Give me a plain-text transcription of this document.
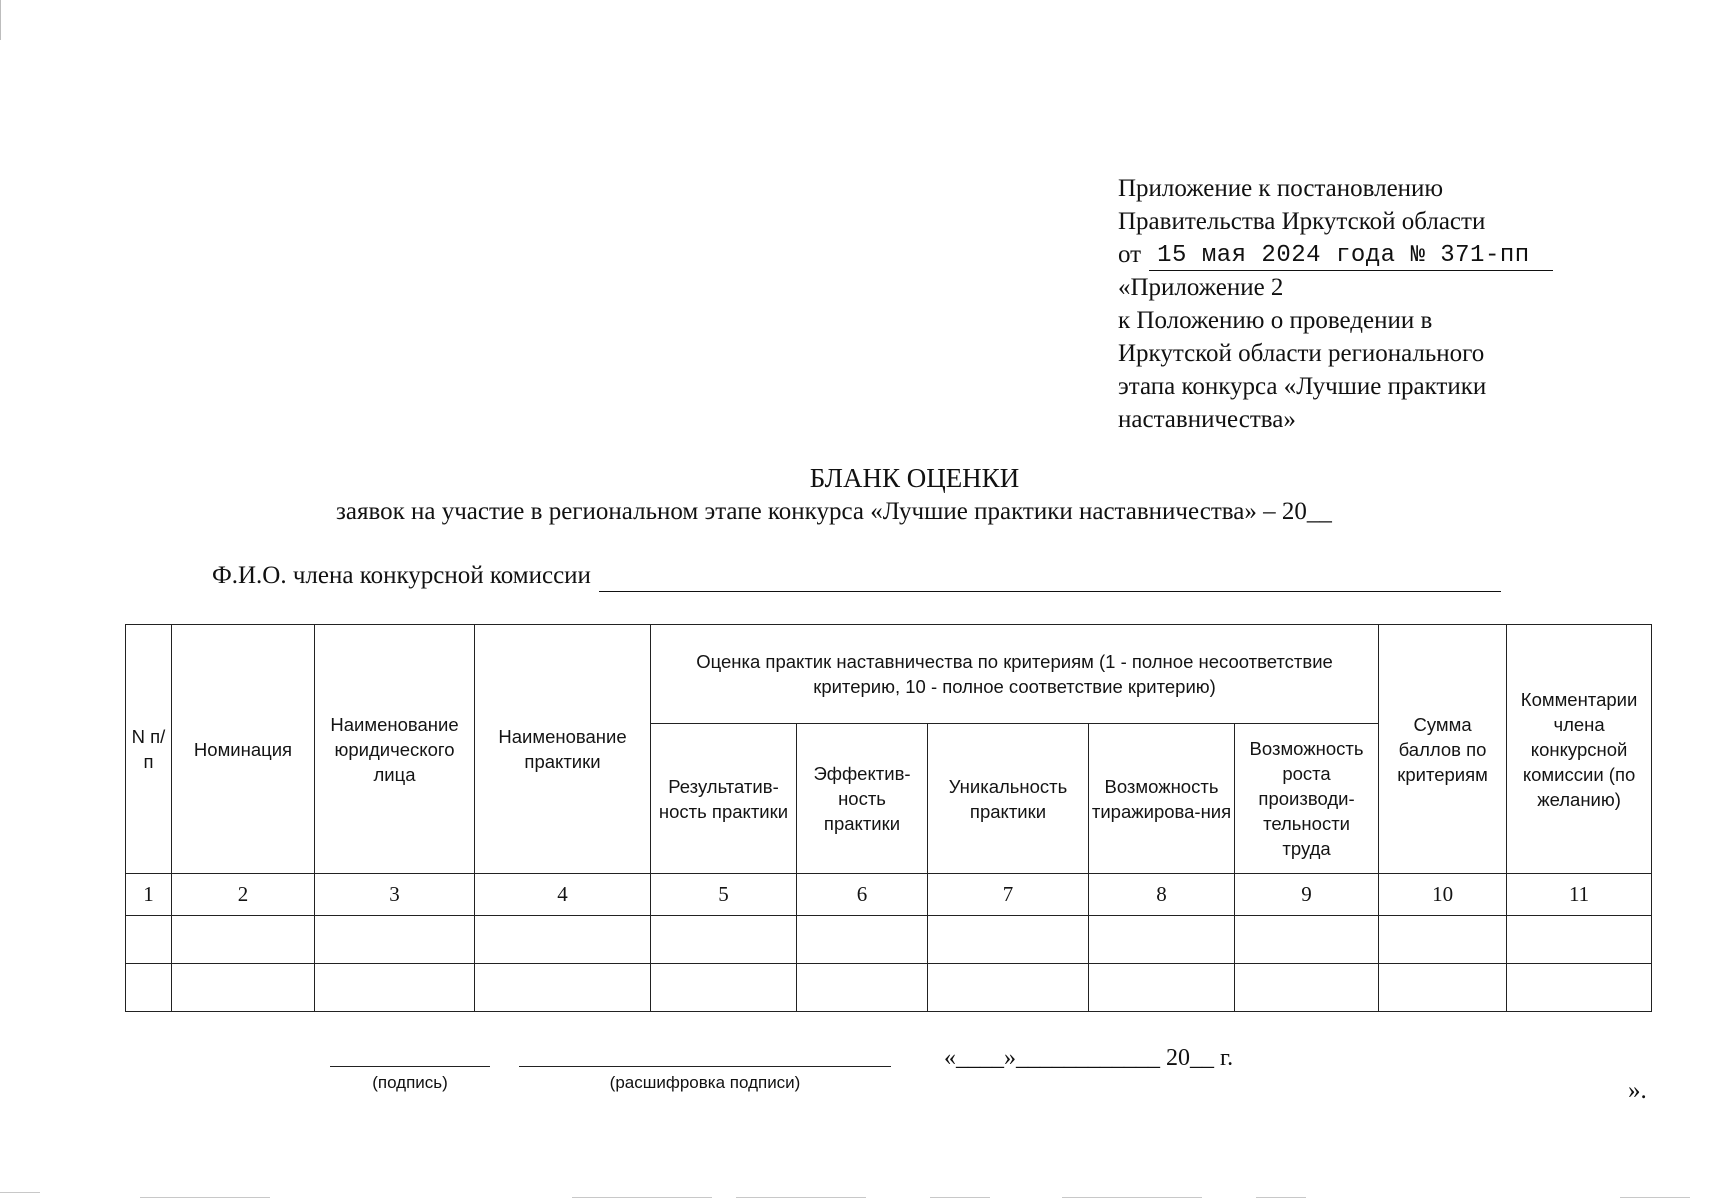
Приложение к постановлению
Правительства Иркутской области
от 15 мая 2024 года № 371-пп
«Приложение 2
к Положению о проведении в
Иркутской области регионального
этапа конкурса «Лучшие практики
наставничества»
БЛАНК ОЦЕНКИ
заявок на участие в региональном этапе конкурса «Лучшие практики наставничества» – 20__
Ф.И.О. члена конкурсной комиссии
N п/п	Номинация	Наименование юридического лица	Наименование практики	Оценка практик наставничества по критериям (1 - полное несоответствие критерию, 10 - полное соответствие критерию)					Сумма баллов по критериям	Комментарии члена конкурсной комиссии (по желанию)
				Результатив-ность практики	Эффектив-ность практики	Уникальность практики	Возможность тиражирова-ния	Возможность роста производи-тельности труда		
1	2	3	4	5	6	7	8	9	10	11

(подпись)	(расшифровка подписи)
«____»____________ 20__ г.
».
